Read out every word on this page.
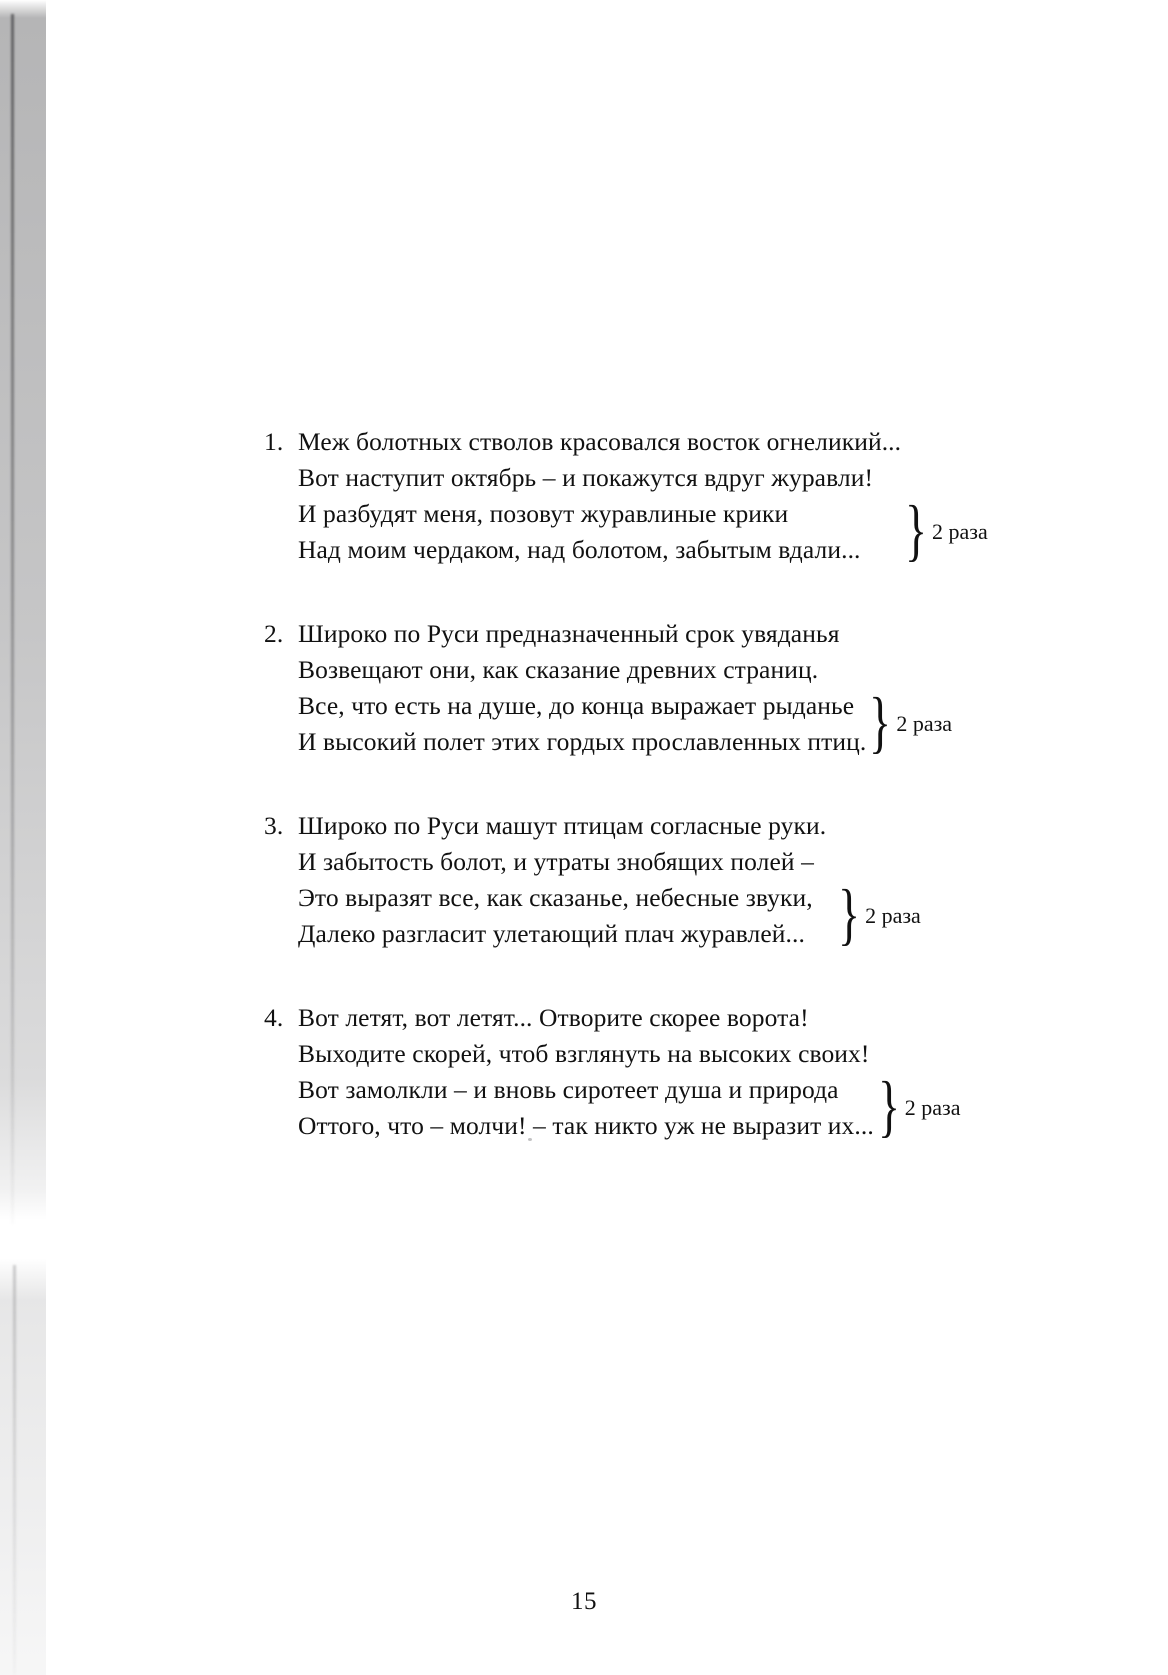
1. Меж болотных стволов красовался восток огнеликий...
Вот наступит октябрь – и покажутся вдруг журавли!
И разбудят меня, позовут журавлиные крики
Над моим чердаком, над болотом, забытым вдали... } 2 раза
2. Широко по Руси предназначенный срок увяданья
Возвещают они, как сказание древних страниц.
Все, что есть на душе, до конца выражает рыданье
И высокий полет этих гордых прославленных птиц. } 2 раза
3. Широко по Руси машут птицам согласные руки.
И забытость болот, и утраты знобящих полей –
Это выразят все, как сказанье, небесные звуки,
Далеко разгласит улетающий плач журавлей... } 2 раза
4. Вот летят, вот летят... Отворите скорее ворота!
Выходите скорей, чтоб взглянуть на высоких своих!
Вот замолкли – и вновь сиротеет душа и природа
Оттого, что – молчи! – так никто уж не выразит их... } 2 раза
15
